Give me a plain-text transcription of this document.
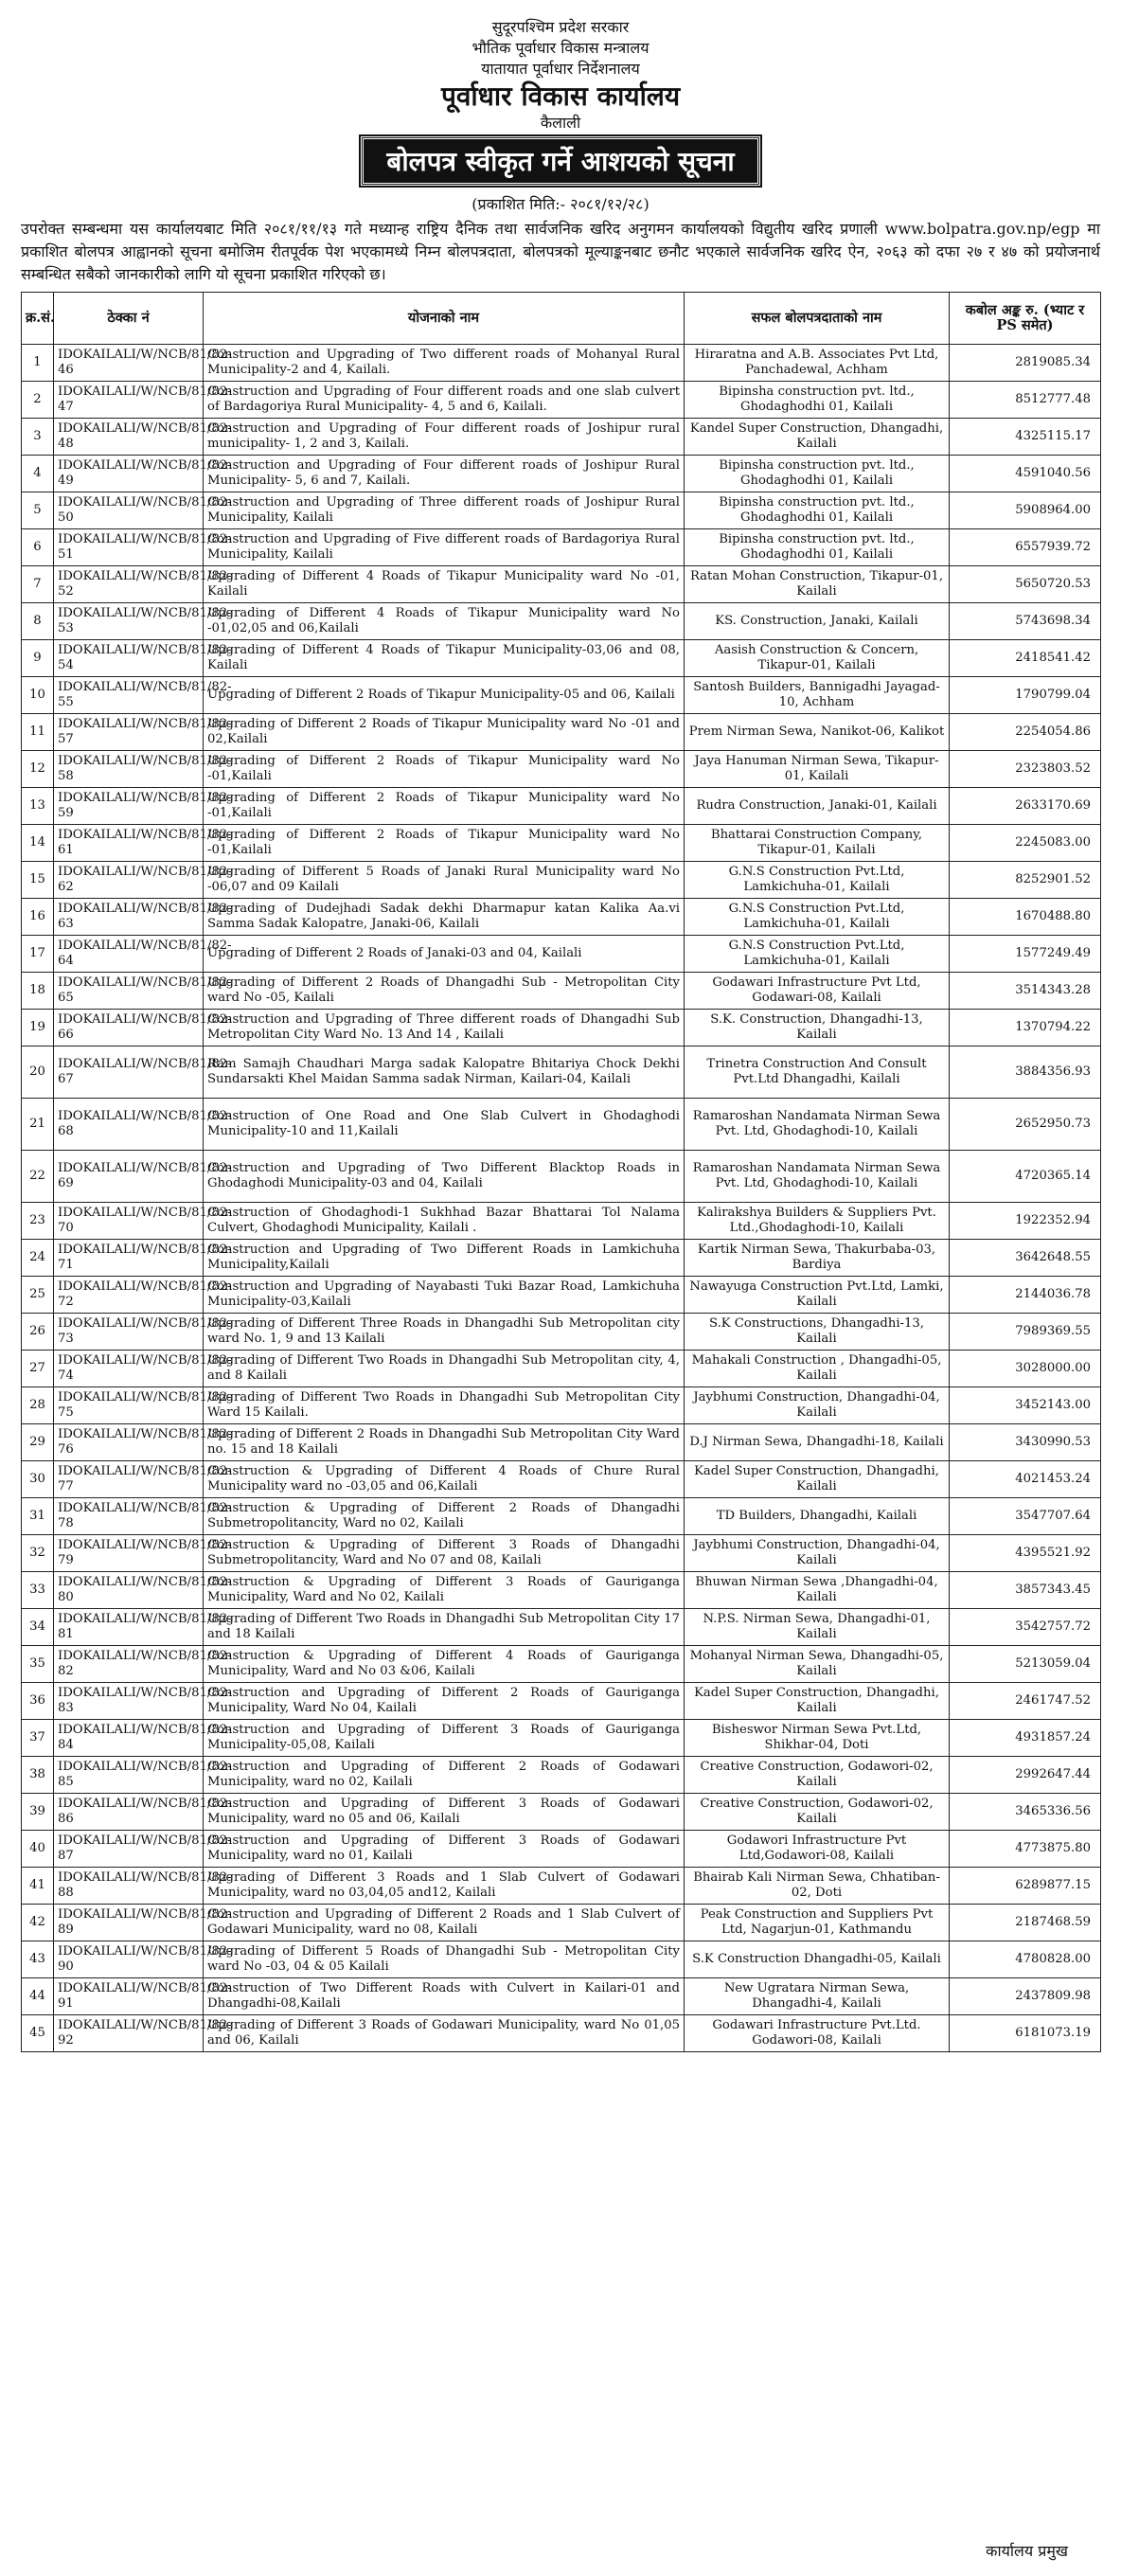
सुदूरपश्चिम प्रदेश सरकार
भौतिक पूर्वाधार विकास मन्त्रालय
यातायात पूर्वाधार निर्देशनालय
पूर्वाधार विकास कार्यालय
कैलाली
बोलपत्र स्वीकृत गर्ने आशयको सूचना
(प्रकाशित मिति:- २०८१/१२/२८)
उपरोक्त सम्बन्धमा यस कार्यालयबाट मिति २०८१/११/१३ गते मध्यान्ह राष्ट्रिय दैनिक तथा सार्वजनिक खरिद अनुगमन कार्यालयको विद्युतीय खरिद प्रणाली www.bolpatra.gov.np/egp मा प्रकाशित बोलपत्र आह्वानको सूचना बमोजिम रीतपूर्वक पेश भएकामध्ये निम्न बोलपत्रदाता, बोलपत्रको मूल्याङ्कनबाट छनौट भएकाले सार्वजनिक खरिद ऐन, २०६३ को दफा २७ र ४७ को प्रयोजनार्थ सम्बन्धित सबैको जानकारीको लागि यो सूचना प्रकाशित गरिएको छ।
क्र.सं.	ठेक्का नं	योजनाको नाम	सफल बोलपत्रदाताको नाम	कबोल अङ्क रु. (भ्याट र PS समेत)
1	IDOKAILALI/W/NCB/81/82-46	Construction and Upgrading of Two different roads of Mohanyal Rural Municipality-2 and 4, Kailali.	Hiraratna and A.B. Associates Pvt Ltd, Panchadewal, Achham	2819085.34
2	IDOKAILALI/W/NCB/81/82-47	Construction and Upgrading of Four different roads and one slab culvert of Bardagoriya Rural Municipality- 4, 5 and 6, Kailali.	Bipinsha construction pvt. ltd., Ghodaghodhi 01, Kailali	8512777.48
3	IDOKAILALI/W/NCB/81/82-48	Construction and Upgrading of Four different roads of Joshipur rural municipality- 1, 2 and 3, Kailali.	Kandel Super Construction, Dhangadhi, Kailali	4325115.17
4	IDOKAILALI/W/NCB/81/82-49	Construction and Upgrading of Four different roads of Joshipur Rural Municipality- 5, 6 and 7, Kailali.	Bipinsha construction pvt. ltd., Ghodaghodhi 01, Kailali	4591040.56
5	IDOKAILALI/W/NCB/81/82-50	Construction and Upgrading of Three different roads of Joshipur Rural Municipality, Kailali	Bipinsha construction pvt. ltd., Ghodaghodhi 01, Kailali	5908964.00
6	IDOKAILALI/W/NCB/81/82-51	Construction and Upgrading of Five different roads of Bardagoriya Rural Municipality, Kailali	Bipinsha construction pvt. ltd., Ghodaghodhi 01, Kailali	6557939.72
7	IDOKAILALI/W/NCB/81/82-52	Upgrading of Different 4 Roads of Tikapur Municipality ward No -01, Kailali	Ratan Mohan Construction, Tikapur-01, Kailali	5650720.53
8	IDOKAILALI/W/NCB/81/82-53	Upgrading of Different 4 Roads of Tikapur Municipality ward No -01,02,05 and 06,Kailali	KS. Construction, Janaki, Kailali	5743698.34
9	IDOKAILALI/W/NCB/81/82-54	Upgrading of Different 4 Roads of Tikapur Municipality-03,06 and 08, Kailali	Aasish Construction & Concern, Tikapur-01, Kailali	2418541.42
10	IDOKAILALI/W/NCB/81/82-55	Upgrading of Different 2 Roads of Tikapur Municipality-05 and 06, Kailali	Santosh Builders, Bannigadhi Jayagad-10, Achham	1790799.04
11	IDOKAILALI/W/NCB/81/82-57	Upgrading of Different 2 Roads of Tikapur Municipality ward No -01 and 02,Kailali	Prem Nirman Sewa, Nanikot-06, Kalikot	2254054.86
12	IDOKAILALI/W/NCB/81/82-58	Upgrading of Different 2 Roads of Tikapur Municipality ward No -01,Kailali	Jaya Hanuman Nirman Sewa, Tikapur-01, Kailali	2323803.52
13	IDOKAILALI/W/NCB/81/82-59	Upgrading of Different 2 Roads of Tikapur Municipality ward No -01,Kailali	Rudra Construction, Janaki-01, Kailali	2633170.69
14	IDOKAILALI/W/NCB/81/82-61	Upgrading of Different 2 Roads of Tikapur Municipality ward No -01,Kailali	Bhattarai Construction Company, Tikapur-01, Kailali	2245083.00
15	IDOKAILALI/W/NCB/81/82-62	Upgrading of Different 5 Roads of Janaki Rural Municipality ward No -06,07 and 09 Kailali	G.N.S Construction Pvt.Ltd, Lamkichuha-01, Kailali	8252901.52
16	IDOKAILALI/W/NCB/81/82-63	Upgrading of Dudejhadi Sadak dekhi Dharmapur katan Kalika Aa.vi Samma Sadak Kalopatre, Janaki-06, Kailali	G.N.S Construction Pvt.Ltd, Lamkichuha-01, Kailali	1670488.80
17	IDOKAILALI/W/NCB/81/82-64	Upgrading of Different 2 Roads of Janaki-03 and 04, Kailali	G.N.S Construction Pvt.Ltd, Lamkichuha-01, Kailali	1577249.49
18	IDOKAILALI/W/NCB/81/82-65	Upgrading of Different 2 Roads of Dhangadhi Sub - Metropolitan City ward No -05, Kailali	Godawari Infrastructure Pvt Ltd, Godawari-08, Kailali	3514343.28
19	IDOKAILALI/W/NCB/81/82-66	Construction and Upgrading of Three different roads of Dhangadhi Sub Metropolitan City Ward No. 13 And 14 , Kailali	S.K. Construction, Dhangadhi-13, Kailali	1370794.22
20	IDOKAILALI/W/NCB/81/82-67	Ram Samajh Chaudhari Marga sadak Kalopatre Bhitariya Chock Dekhi Sundarsakti Khel Maidan Samma sadak Nirman, Kailari-04, Kailali	Trinetra Construction And Consult Pvt.Ltd Dhangadhi, Kailali	3884356.93
21	IDOKAILALI/W/NCB/81/82-68	Construction of One Road and One Slab Culvert in Ghodaghodi Municipality-10 and 11,Kailali	Ramaroshan Nandamata Nirman Sewa Pvt. Ltd, Ghodaghodi-10, Kailali	2652950.73
22	IDOKAILALI/W/NCB/81/82-69	Construction and Upgrading of Two Different Blacktop Roads in Ghodaghodi Municipality-03 and 04, Kailali	Ramaroshan Nandamata Nirman Sewa Pvt. Ltd, Ghodaghodi-10, Kailali	4720365.14
23	IDOKAILALI/W/NCB/81/82-70	Construction of Ghodaghodi-1 Sukhhad Bazar Bhattarai Tol Nalama Culvert, Ghodaghodi Municipality, Kailali .	Kalirakshya Builders & Suppliers Pvt. Ltd.,Ghodaghodi-10, Kailali	1922352.94
24	IDOKAILALI/W/NCB/81/82-71	Construction and Upgrading of Two Different Roads in Lamkichuha Municipality,Kailali	Kartik Nirman Sewa, Thakurbaba-03, Bardiya	3642648.55
25	IDOKAILALI/W/NCB/81/82-72	Construction and Upgrading of Nayabasti Tuki Bazar Road, Lamkichuha Municipality-03,Kailali	Nawayuga Construction Pvt.Ltd, Lamki, Kailali	2144036.78
26	IDOKAILALI/W/NCB/81/82-73	Upgrading of Different Three Roads in Dhangadhi Sub Metropolitan city ward No. 1, 9 and 13 Kailali	S.K Constructions, Dhangadhi-13, Kailali	7989369.55
27	IDOKAILALI/W/NCB/81/82-74	Upgrading of Different Two Roads in Dhangadhi Sub Metropolitan city, 4, and 8 Kailali	Mahakali Construction , Dhangadhi-05, Kailali	3028000.00
28	IDOKAILALI/W/NCB/81/82-75	Upgrading of Different Two Roads in Dhangadhi Sub Metropolitan City Ward 15 Kailali.	Jaybhumi Construction, Dhangadhi-04, Kailali	3452143.00
29	IDOKAILALI/W/NCB/81/82-76	Upgrading of Different 2 Roads in Dhangadhi Sub Metropolitan City Ward no. 15 and 18 Kailali	D.J Nirman Sewa, Dhangadhi-18, Kailali	3430990.53
30	IDOKAILALI/W/NCB/81/82-77	Construction & Upgrading of Different 4 Roads of Chure Rural Municipality ward no -03,05 and 06,Kailali	Kadel Super Construction, Dhangadhi, Kailali	4021453.24
31	IDOKAILALI/W/NCB/81/82-78	Construction & Upgrading of Different 2 Roads of Dhangadhi Submetropolitancity, Ward no 02, Kailali	TD Builders, Dhangadhi, Kailali	3547707.64
32	IDOKAILALI/W/NCB/81/82-79	Construction & Upgrading of Different 3 Roads of Dhangadhi Submetropolitancity, Ward and No 07 and 08, Kailali	Jaybhumi Construction, Dhangadhi-04, Kailali	4395521.92
33	IDOKAILALI/W/NCB/81/82-80	Construction & Upgrading of Different 3 Roads of Gauriganga Municipality, Ward and No 02, Kailali	Bhuwan Nirman Sewa ,Dhangadhi-04, Kailali	3857343.45
34	IDOKAILALI/W/NCB/81/82-81	Upgrading of Different Two Roads in Dhangadhi Sub Metropolitan City 17 and 18 Kailali	N.P.S. Nirman Sewa, Dhangadhi-01, Kailali	3542757.72
35	IDOKAILALI/W/NCB/81/82-82	Construction & Upgrading of Different 4 Roads of Gauriganga Municipality, Ward and No 03 &06, Kailali	Mohanyal Nirman Sewa, Dhangadhi-05, Kailali	5213059.04
36	IDOKAILALI/W/NCB/81/82-83	Construction and Upgrading of Different 2 Roads of Gauriganga Municipality, Ward No 04, Kailali	Kadel Super Construction, Dhangadhi, Kailali	2461747.52
37	IDOKAILALI/W/NCB/81/82-84	Construction and Upgrading of Different 3 Roads of Gauriganga Municipality-05,08, Kailali	Bisheswor Nirman Sewa Pvt.Ltd, Shikhar-04, Doti	4931857.24
38	IDOKAILALI/W/NCB/81/82-85	Construction and Upgrading of Different 2 Roads of Godawari Municipality, ward no 02, Kailali	Creative Construction, Godawori-02, Kailali	2992647.44
39	IDOKAILALI/W/NCB/81/82-86	Construction and Upgrading of Different 3 Roads of Godawari Municipality, ward no 05 and 06, Kailali	Creative Construction, Godawori-02, Kailali	3465336.56
40	IDOKAILALI/W/NCB/81/82-87	Construction and Upgrading of Different 3 Roads of Godawari Municipality, ward no 01, Kailali	Godawori Infrastructure Pvt Ltd,Godawori-08, Kailali	4773875.80
41	IDOKAILALI/W/NCB/81/82-88	Upgrading of Different 3 Roads and 1 Slab Culvert of Godawari Municipality, ward no 03,04,05 and12, Kailali	Bhairab Kali Nirman Sewa, Chhatiban-02, Doti	6289877.15
42	IDOKAILALI/W/NCB/81/82-89	Construction and Upgrading of Different 2 Roads and 1 Slab Culvert of Godawari Municipality, ward no 08, Kailali	Peak Construction and Suppliers Pvt Ltd, Nagarjun-01, Kathmandu	2187468.59
43	IDOKAILALI/W/NCB/81/82-90	Upgrading of Different 5 Roads of Dhangadhi Sub - Metropolitan City ward No -03, 04 & 05 Kailali	S.K Construction Dhangadhi-05, Kailali	4780828.00
44	IDOKAILALI/W/NCB/81/82-91	Construction of Two Different Roads with Culvert in Kailari-01 and Dhangadhi-08,Kailali	New Ugratara Nirman Sewa, Dhangadhi-4, Kailali	2437809.98
45	IDOKAILALI/W/NCB/81/82-92	Upgrading of Different 3 Roads of Godawari Municipality, ward No 01,05 and 06, Kailali	Godawari Infrastructure Pvt.Ltd. Godawori-08, Kailali	6181073.19
कार्यालय प्रमुख
